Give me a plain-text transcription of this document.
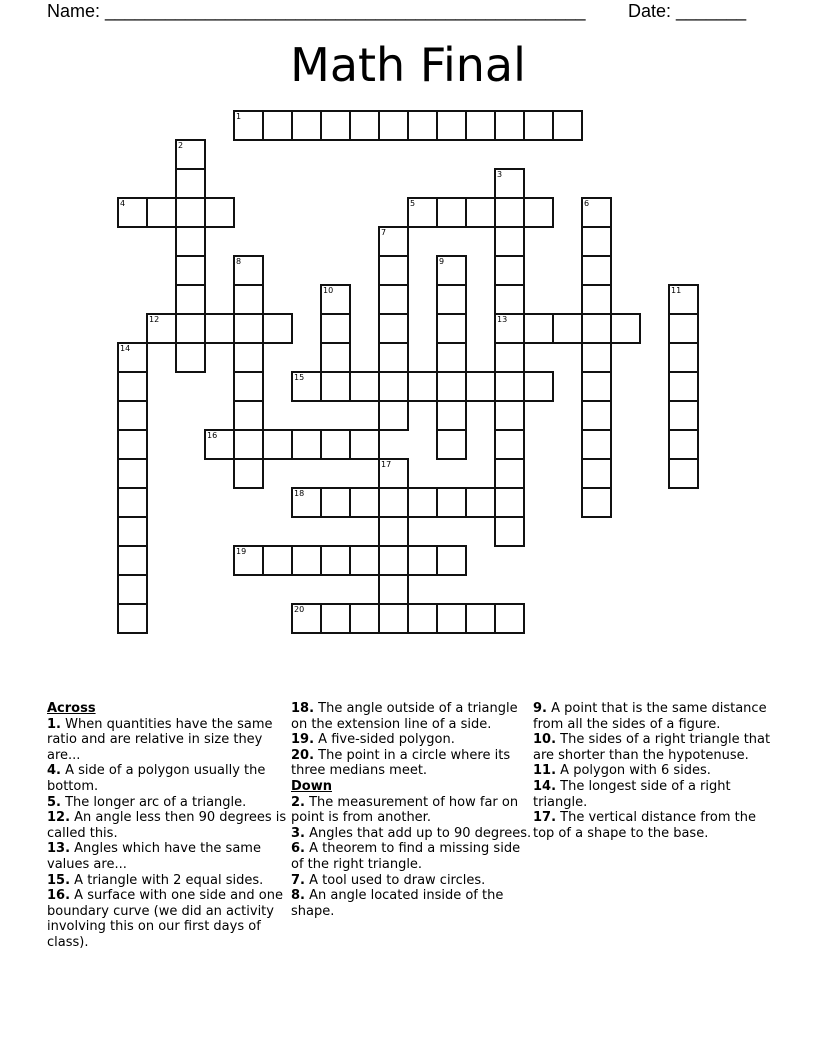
Name: ________________________________________________ Date: _______
Math Final
1
2
3
13
4	5	6
7
8	9
10	11
12
14
15
16
17
18
19
20
Across
1. When quantities have the same ratio and are relative in size they are...
4. A side of a polygon usually the bottom.
5. The longer arc of a triangle.
12. An angle less then 90 degrees is called this.
13. Angles which have the same values are...
15. A triangle with 2 equal sides.
16. A surface with one side and one boundary curve (we did an activity involving this on our first days of class).
18. The angle outside of a triangle on the extension line of a side.
19. A five-sided polygon.
20. The point in a circle where its three medians meet.
Down
2. The measurement of how far on point is from another.
3. Angles that add up to 90 degrees.
6. A theorem to find a missing side of the right triangle.
7. A tool used to draw circles.
8. An angle located inside of the shape.
9. A point that is the same distance from all the sides of a figure.
10. The sides of a right triangle that are shorter than the hypotenuse.
11. A polygon with 6 sides.
14. The longest side of a right triangle.
17. The vertical distance from the top of a shape to the base.
